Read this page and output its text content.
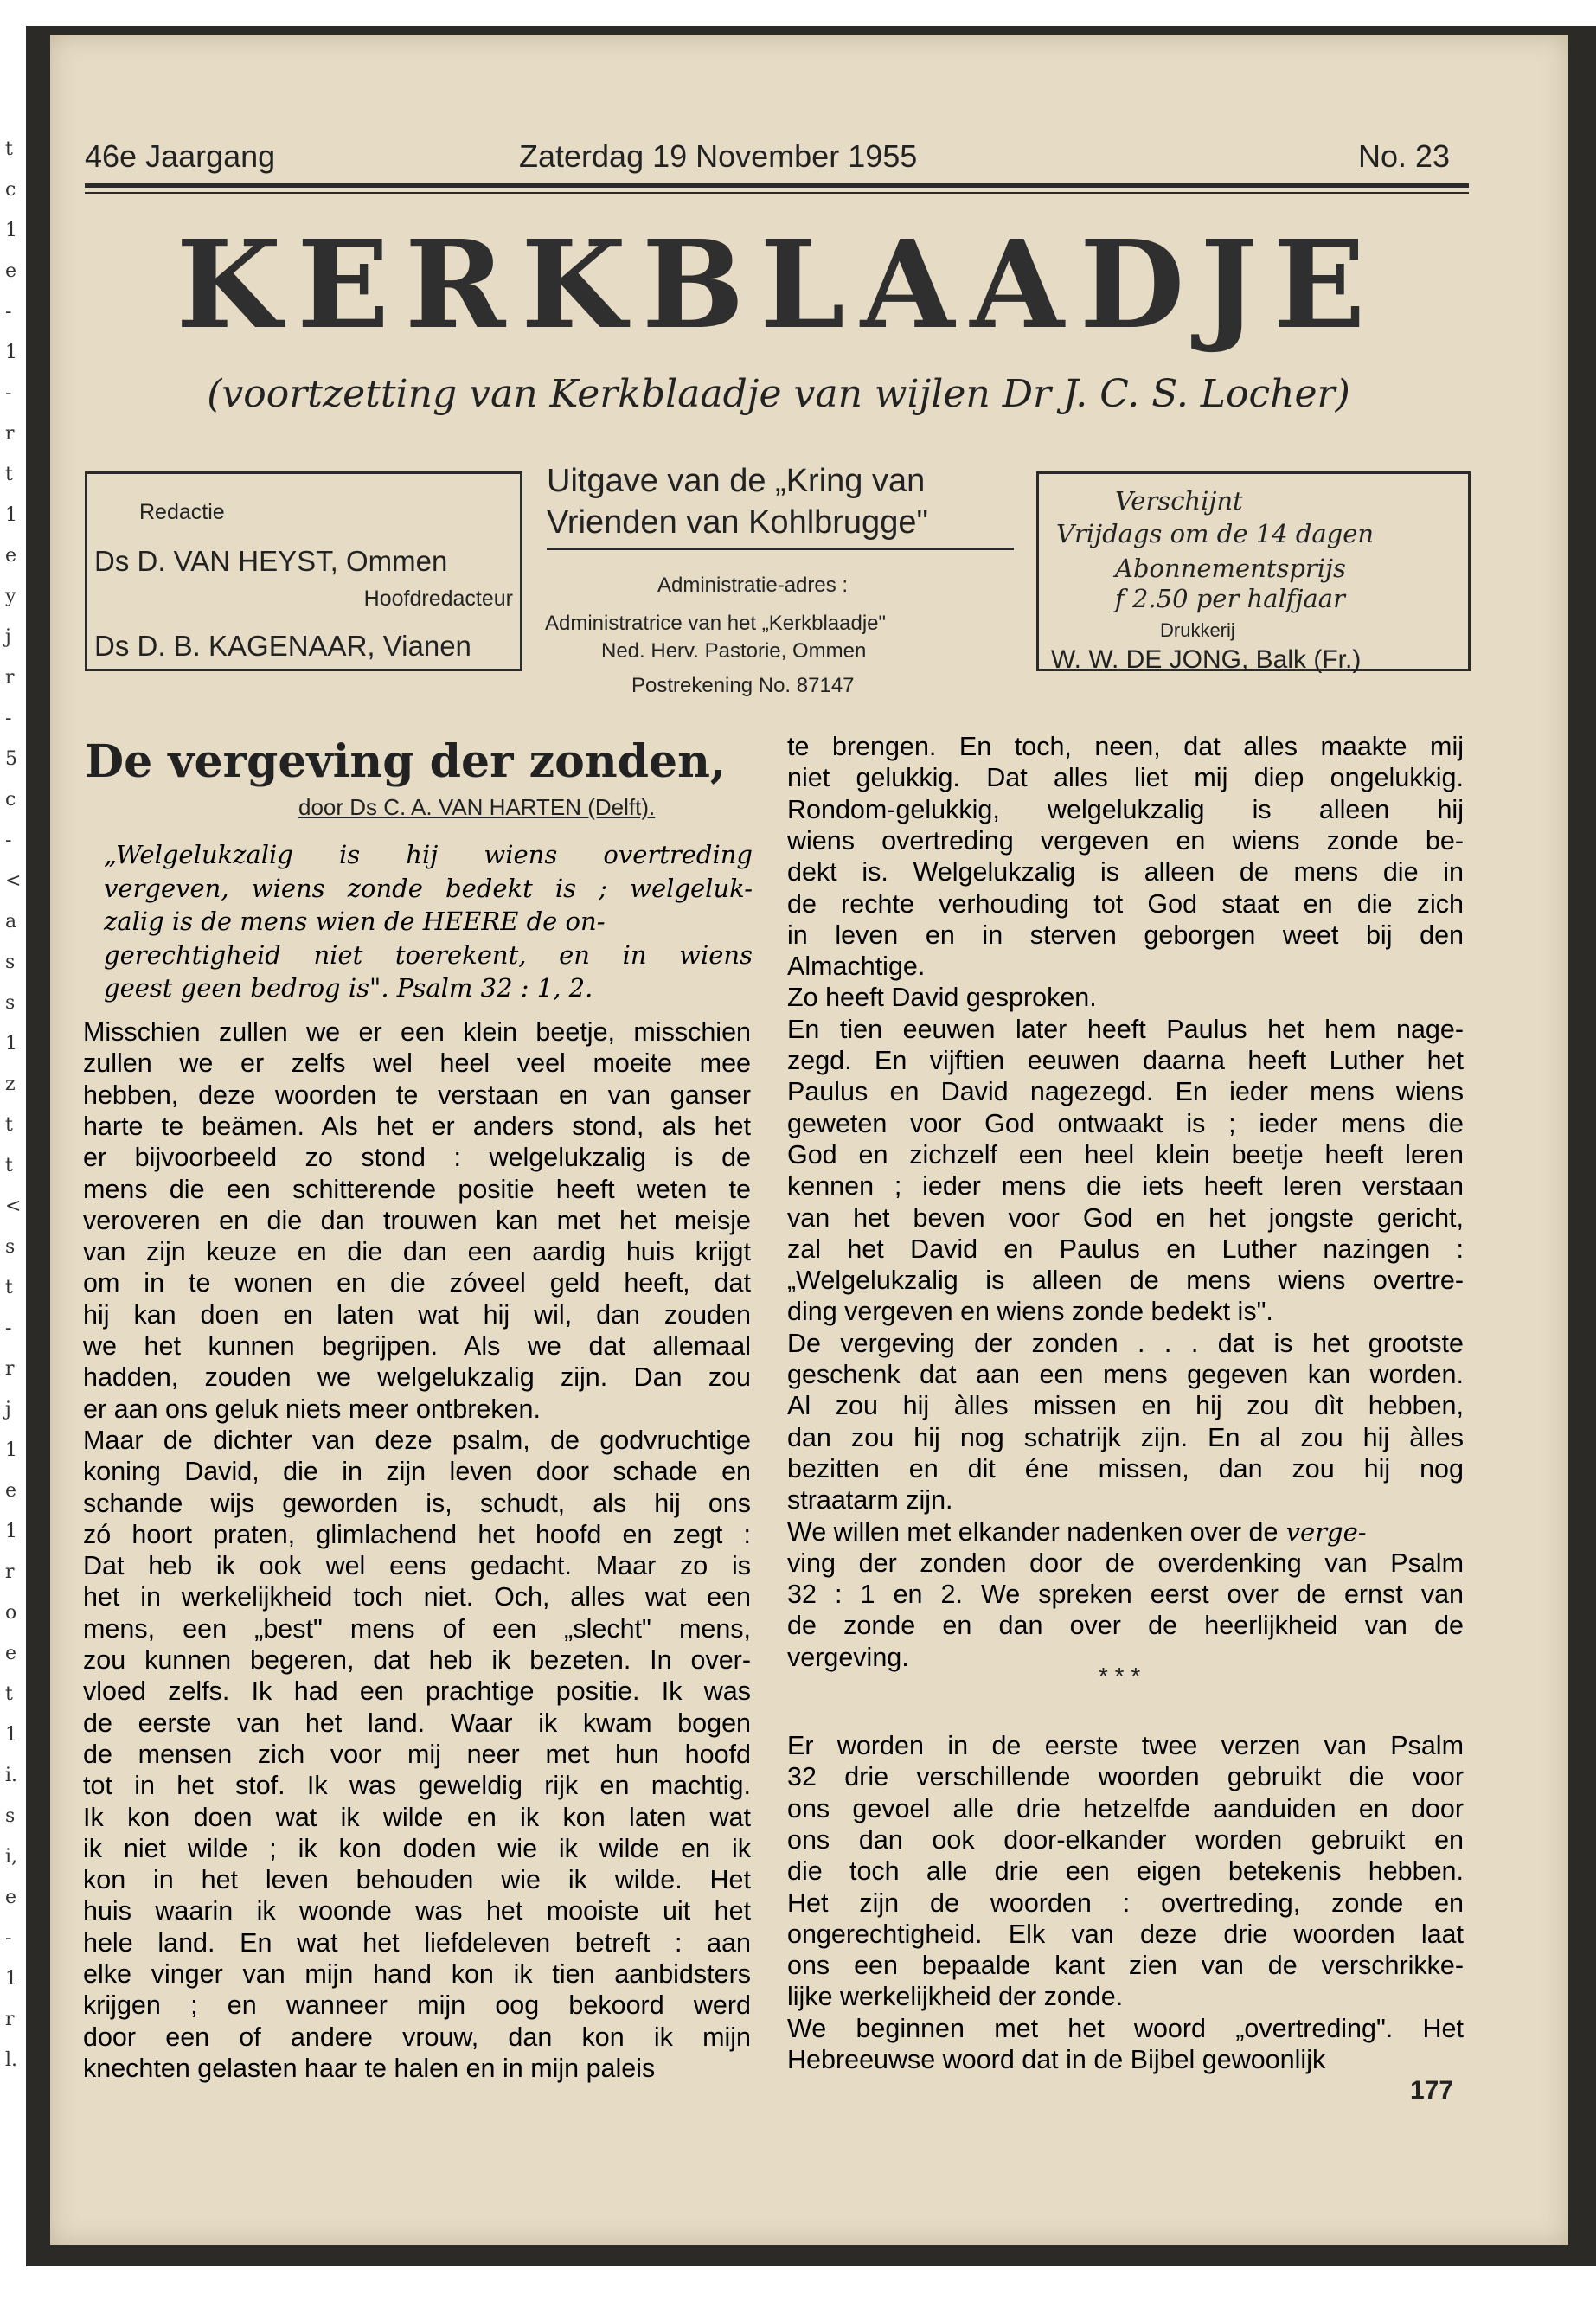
t
c
1
e
-
1
-
r
t
1
e
y
j
r
-
5
c
-
<
a
s
s
1
z
t
t
<
s
t
-
r
j
1
e
1
r
o
e
t
1
i.
s
i,
e
-
1
r
l.
46e Jaargang	Zaterdag 19 November 1955	No. 23
KERKBLAADJE
(voortzetting van Kerkblaadje van wijlen Dr J. C. S. Locher)
Redactie
Ds D. VAN HEYST, Ommen
Hoofdredacteur
Ds D. B. KAGENAAR, Vianen
Uitgave van de „Kring van
Vrienden van Kohlbrugge"
Administratie-adres :
Administratrice van het „Kerkblaadje"
Ned. Herv. Pastorie, Ommen
Postrekening No. 87147
Verschijnt
Vrijdags om de 14 dagen
Abonnementsprijs
f 2.50 per halfjaar
Drukkerij
W. W. DE JONG, Balk (Fr.)
De vergeving der zonden,
door Ds C. A. VAN HARTEN (Delft).
„Welgelukzalig is hij wiens overtreding
vergeven, wiens zonde bedekt is ; welgeluk-
zalig is de mens wien de HEERE de on-
gerechtigheid niet toerekent, en in wiens
geest geen bedrog is". Psalm 32 : 1, 2.
Misschien zullen we er een klein beetje, misschien
zullen we er zelfs wel heel veel moeite mee
hebben, deze woorden te verstaan en van ganser
harte te beämen. Als het er anders stond, als het
er bijvoorbeeld zo stond : welgelukzalig is de
mens die een schitterende positie heeft weten te
veroveren en die dan trouwen kan met het meisje
van zijn keuze en die dan een aardig huis krijgt
om in te wonen en die zóveel geld heeft, dat
hij kan doen en laten wat hij wil, dan zouden
we het kunnen begrijpen. Als we dat allemaal
hadden, zouden we welgelukzalig zijn. Dan zou
er aan ons geluk niets meer ontbreken.
Maar de dichter van deze psalm, de godvruchtige
koning David, die in zijn leven door schade en
schande wijs geworden is, schudt, als hij ons
zó hoort praten, glimlachend het hoofd en zegt :
Dat heb ik ook wel eens gedacht. Maar zo is
het in werkelijkheid toch niet. Och, alles wat een
mens, een „best" mens of een „slecht" mens,
zou kunnen begeren, dat heb ik bezeten. In over-
vloed zelfs. Ik had een prachtige positie. Ik was
de eerste van het land. Waar ik kwam bogen
de mensen zich voor mij neer met hun hoofd
tot in het stof. Ik was geweldig rijk en machtig.
Ik kon doen wat ik wilde en ik kon laten wat
ik niet wilde ; ik kon doden wie ik wilde en ik
kon in het leven behouden wie ik wilde. Het
huis waarin ik woonde was het mooiste uit het
hele land. En wat het liefdeleven betreft : aan
elke vinger van mijn hand kon ik tien aanbidsters
krijgen ; en wanneer mijn oog bekoord werd
door een of andere vrouw, dan kon ik mijn
knechten gelasten haar te halen en in mijn paleis
te brengen. En toch, neen, dat alles maakte mij
niet gelukkig. Dat alles liet mij diep ongelukkig.
Rondom-gelukkig, welgelukzalig is alleen hij
wiens overtreding vergeven en wiens zonde be-
dekt is. Welgelukzalig is alleen de mens die in
de rechte verhouding tot God staat en die zich
in leven en in sterven geborgen weet bij den
Almachtige.
Zo heeft David gesproken.
En tien eeuwen later heeft Paulus het hem nage-
zegd. En vijftien eeuwen daarna heeft Luther het
Paulus en David nagezegd. En ieder mens wiens
geweten voor God ontwaakt is ; ieder mens die
God en zichzelf een heel klein beetje heeft leren
kennen ; ieder mens die iets heeft leren verstaan
van het beven voor God en het jongste gericht,
zal het David en Paulus en Luther nazingen :
„Welgelukzalig is alleen de mens wiens overtre-
ding vergeven en wiens zonde bedekt is".
De vergeving der zonden . . . dat is het grootste
geschenk dat aan een mens gegeven kan worden.
Al zou hij àlles missen en hij zou dìt hebben,
dan zou hij nog schatrijk zijn. En al zou hij àlles
bezitten en dit éne missen, dan zou hij nog
straatarm zijn.
We willen met elkander nadenken over de verge-
ving der zonden door de overdenking van Psalm
32 : 1 en 2. We spreken eerst over de ernst van
de zonde en dan over de heerlijkheid van de
vergeving.
* * *
Er worden in de eerste twee verzen van Psalm
32 drie verschillende woorden gebruikt die voor
ons gevoel alle drie hetzelfde aanduiden en door
ons dan ook door-elkander worden gebruikt en
die toch alle drie een eigen betekenis hebben.
Het zijn de woorden : overtreding, zonde en
ongerechtigheid. Elk van deze drie woorden laat
ons een bepaalde kant zien van de verschrikke-
lijke werkelijkheid der zonde.
We beginnen met het woord „overtreding". Het
Hebreeuwse woord dat in de Bijbel gewoonlijk
177
